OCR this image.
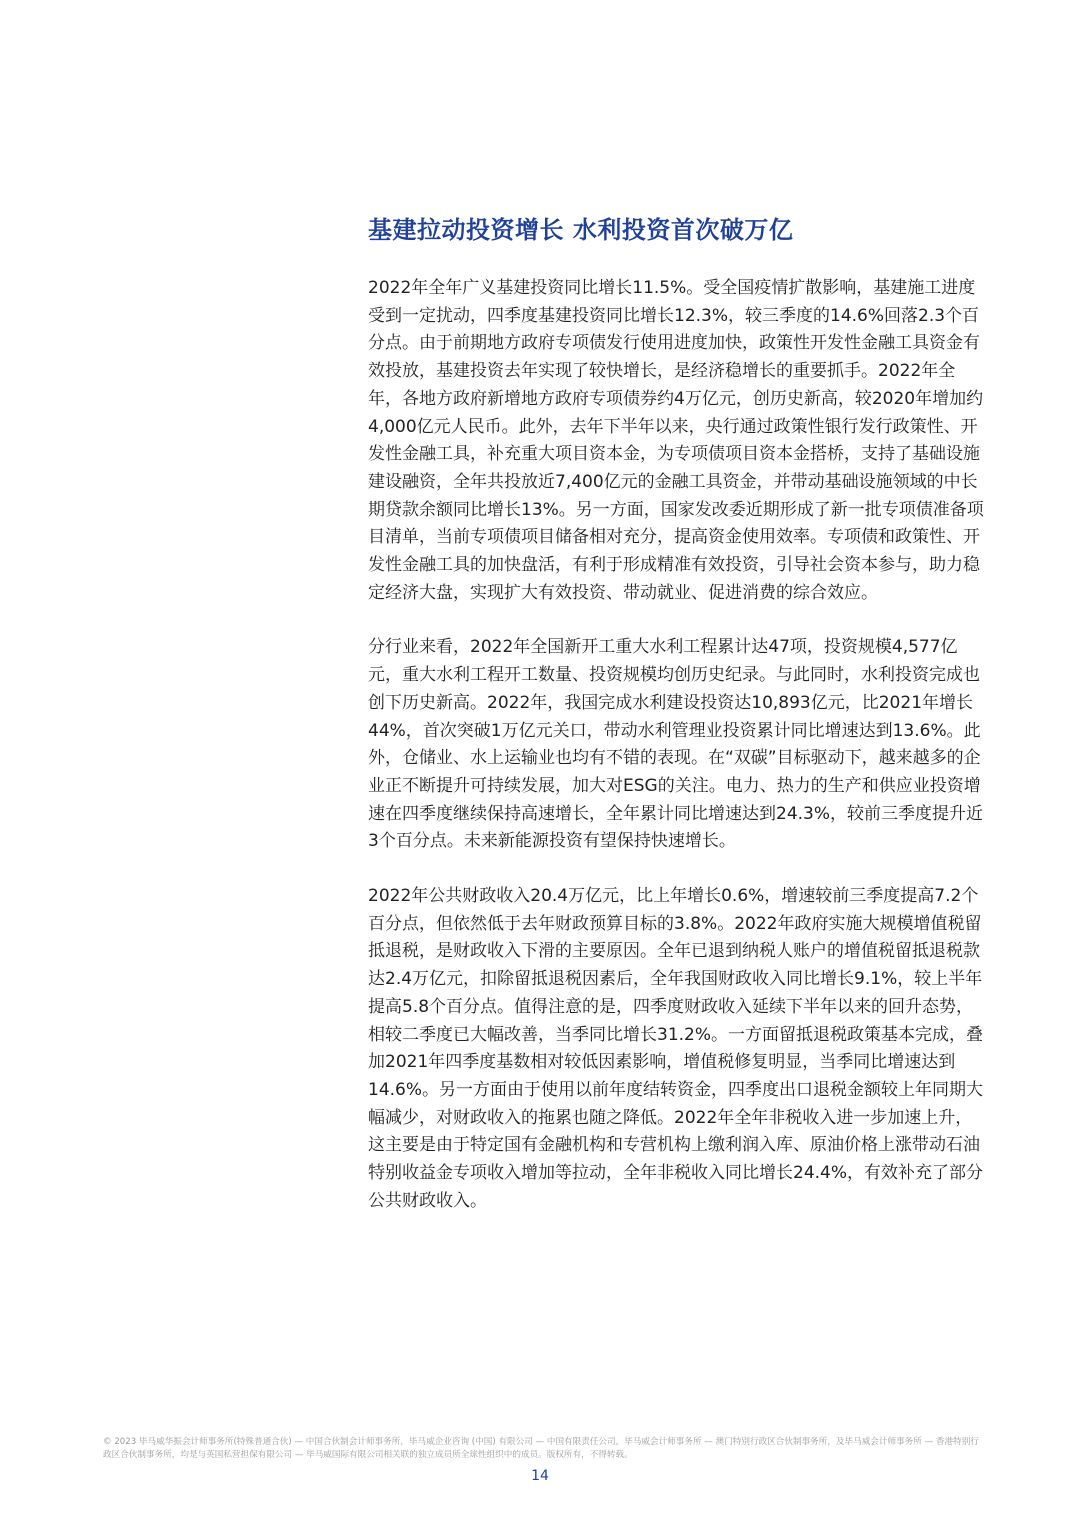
基建拉动投资增长 水利投资首次破万亿

2022年全年广义基建投资同比增长11.5%。受全国疫情扩散影响，基建施工进度受到一定扰动，四季度基建投资同比增长12.3%，较三季度的14.6%回落2.3个百分点。由于前期地方政府专项债发行使用进度加快，政策性开发性金融工具资金有效投放，基建投资去年实现了较快增长，是经济稳增长的重要抓手。2022年全年，各地方政府新增地方政府专项债券约4万亿元，创历史新高，较2020年增加约4,000亿元人民币。此外，去年下半年以来，央行通过政策性银行发行政策性、开发性金融工具，补充重大项目资本金，为专项债项目资本金搭桥，支持了基础设施建设融资，全年共投放近7,400亿元的金融工具资金，并带动基础设施领域的中长期贷款余额同比增长13%。另一方面，国家发改委近期形成了新一批专项债准备项目清单，当前专项债项目储备相对充分，提高资金使用效率。专项债和政策性、开发性金融工具的加快盘活，有利于形成精准有效投资，引导社会资本参与，助力稳定经济大盘，实现扩大有效投资、带动就业、促进消费的综合效应。

分行业来看，2022年全国新开工重大水利工程累计达47项，投资规模4,577亿元，重大水利工程开工数量、投资规模均创历史纪录。与此同时，水利投资完成也创下历史新高。2022年，我国完成水利建设投资达10,893亿元，比2021年增长44%，首次突破1万亿元关口，带动水利管理业投资累计同比增速达到13.6%。此外，仓储业、水上运输业也均有不错的表现。在“双碳”目标驱动下，越来越多的企业正不断提升可持续发展，加大对ESG的关注。电力、热力的生产和供应业投资增速在四季度继续保持高速增长，全年累计同比增速达到24.3%，较前三季度提升近3个百分点。未来新能源投资有望保持快速增长。

2022年公共财政收入20.4万亿元，比上年增长0.6%，增速较前三季度提高7.2个百分点，但依然低于去年财政预算目标的3.8%。2022年政府实施大规模增值税留抵退税，是财政收入下滑的主要原因。全年已退到纳税人账户的增值税留抵退税款达2.4万亿元，扣除留抵退税因素后，全年我国财政收入同比增长9.1%，较上半年提高5.8个百分点。值得注意的是，四季度财政收入延续下半年以来的回升态势，相较二季度已大幅改善，当季同比增长31.2%。一方面留抵退税政策基本完成，叠加2021年四季度基数相对较低因素影响，增值税修复明显，当季同比增速达到14.6%。另一方面由于使用以前年度结转资金，四季度出口退税金额较上年同期大幅减少，对财政收入的拖累也随之降低。2022年全年非税收入进一步加速上升，这主要是由于特定国有金融机构和专营机构上缴利润入库、原油价格上涨带动石油特别收益金专项收入增加等拉动，全年非税收入同比增长24.4%，有效补充了部分公共财政收入。

© 2023 毕马威华振会计师事务所(特殊普通合伙) — 中国合伙制会计师事务所，毕马威企业咨询 (中国) 有限公司 — 中国有限责任公司，毕马威会计师事务所 — 澳门特别行政区合伙制事务所，及毕马威会计师事务所 — 香港特别行政区合伙制事务所，均是与英国私营担保有限公司 — 毕马威国际有限公司相关联的独立成员所全球性组织中的成员。版权所有，不得转载。

14
